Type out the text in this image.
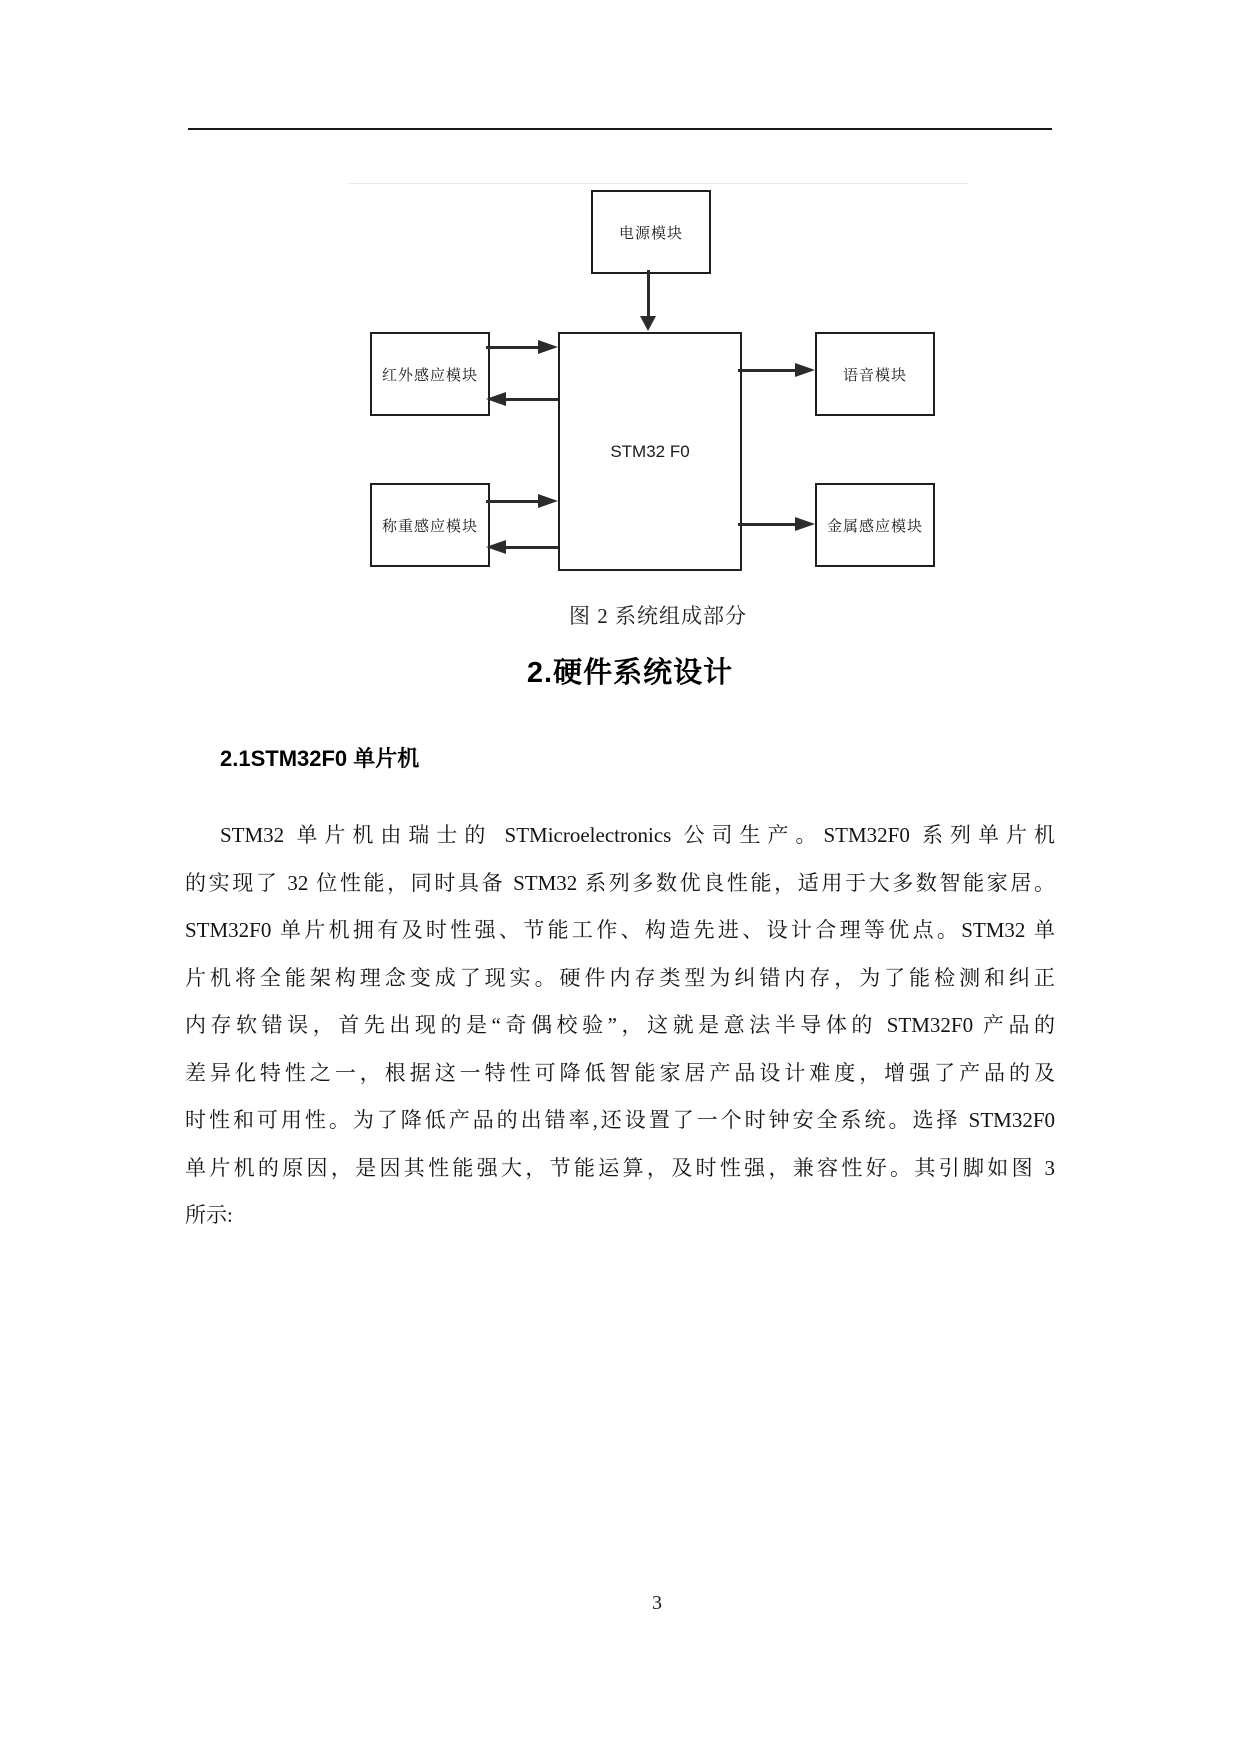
电源模块
STM32 F0
红外感应模块	语音模块
称重感应模块	金属感应模块
图 2 系统组成部分
2.硬件系统设计
2.1STM32F0 单片机
STM32 单片机由瑞士的 STMicroelectronics 公司生产。STM32F0 系列单片机
的实现了 32 位性能，同时具备 STM32 系列多数优良性能，适用于大多数智能家居。
STM32F0 单片机拥有及时性强、节能工作、构造先进、设计合理等优点。STM32 单
片机将全能架构理念变成了现实。硬件内存类型为纠错内存，为了能检测和纠正
内存软错误，首先出现的是“奇偶校验”，这就是意法半导体的 STM32F0 产品的
差异化特性之一，根据这一特性可降低智能家居产品设计难度，增强了产品的及
时性和可用性。为了降低产品的出错率,还设置了一个时钟安全系统。选择 STM32F0
单片机的原因，是因其性能强大，节能运算，及时性强，兼容性好。其引脚如图 3
所示:
3
